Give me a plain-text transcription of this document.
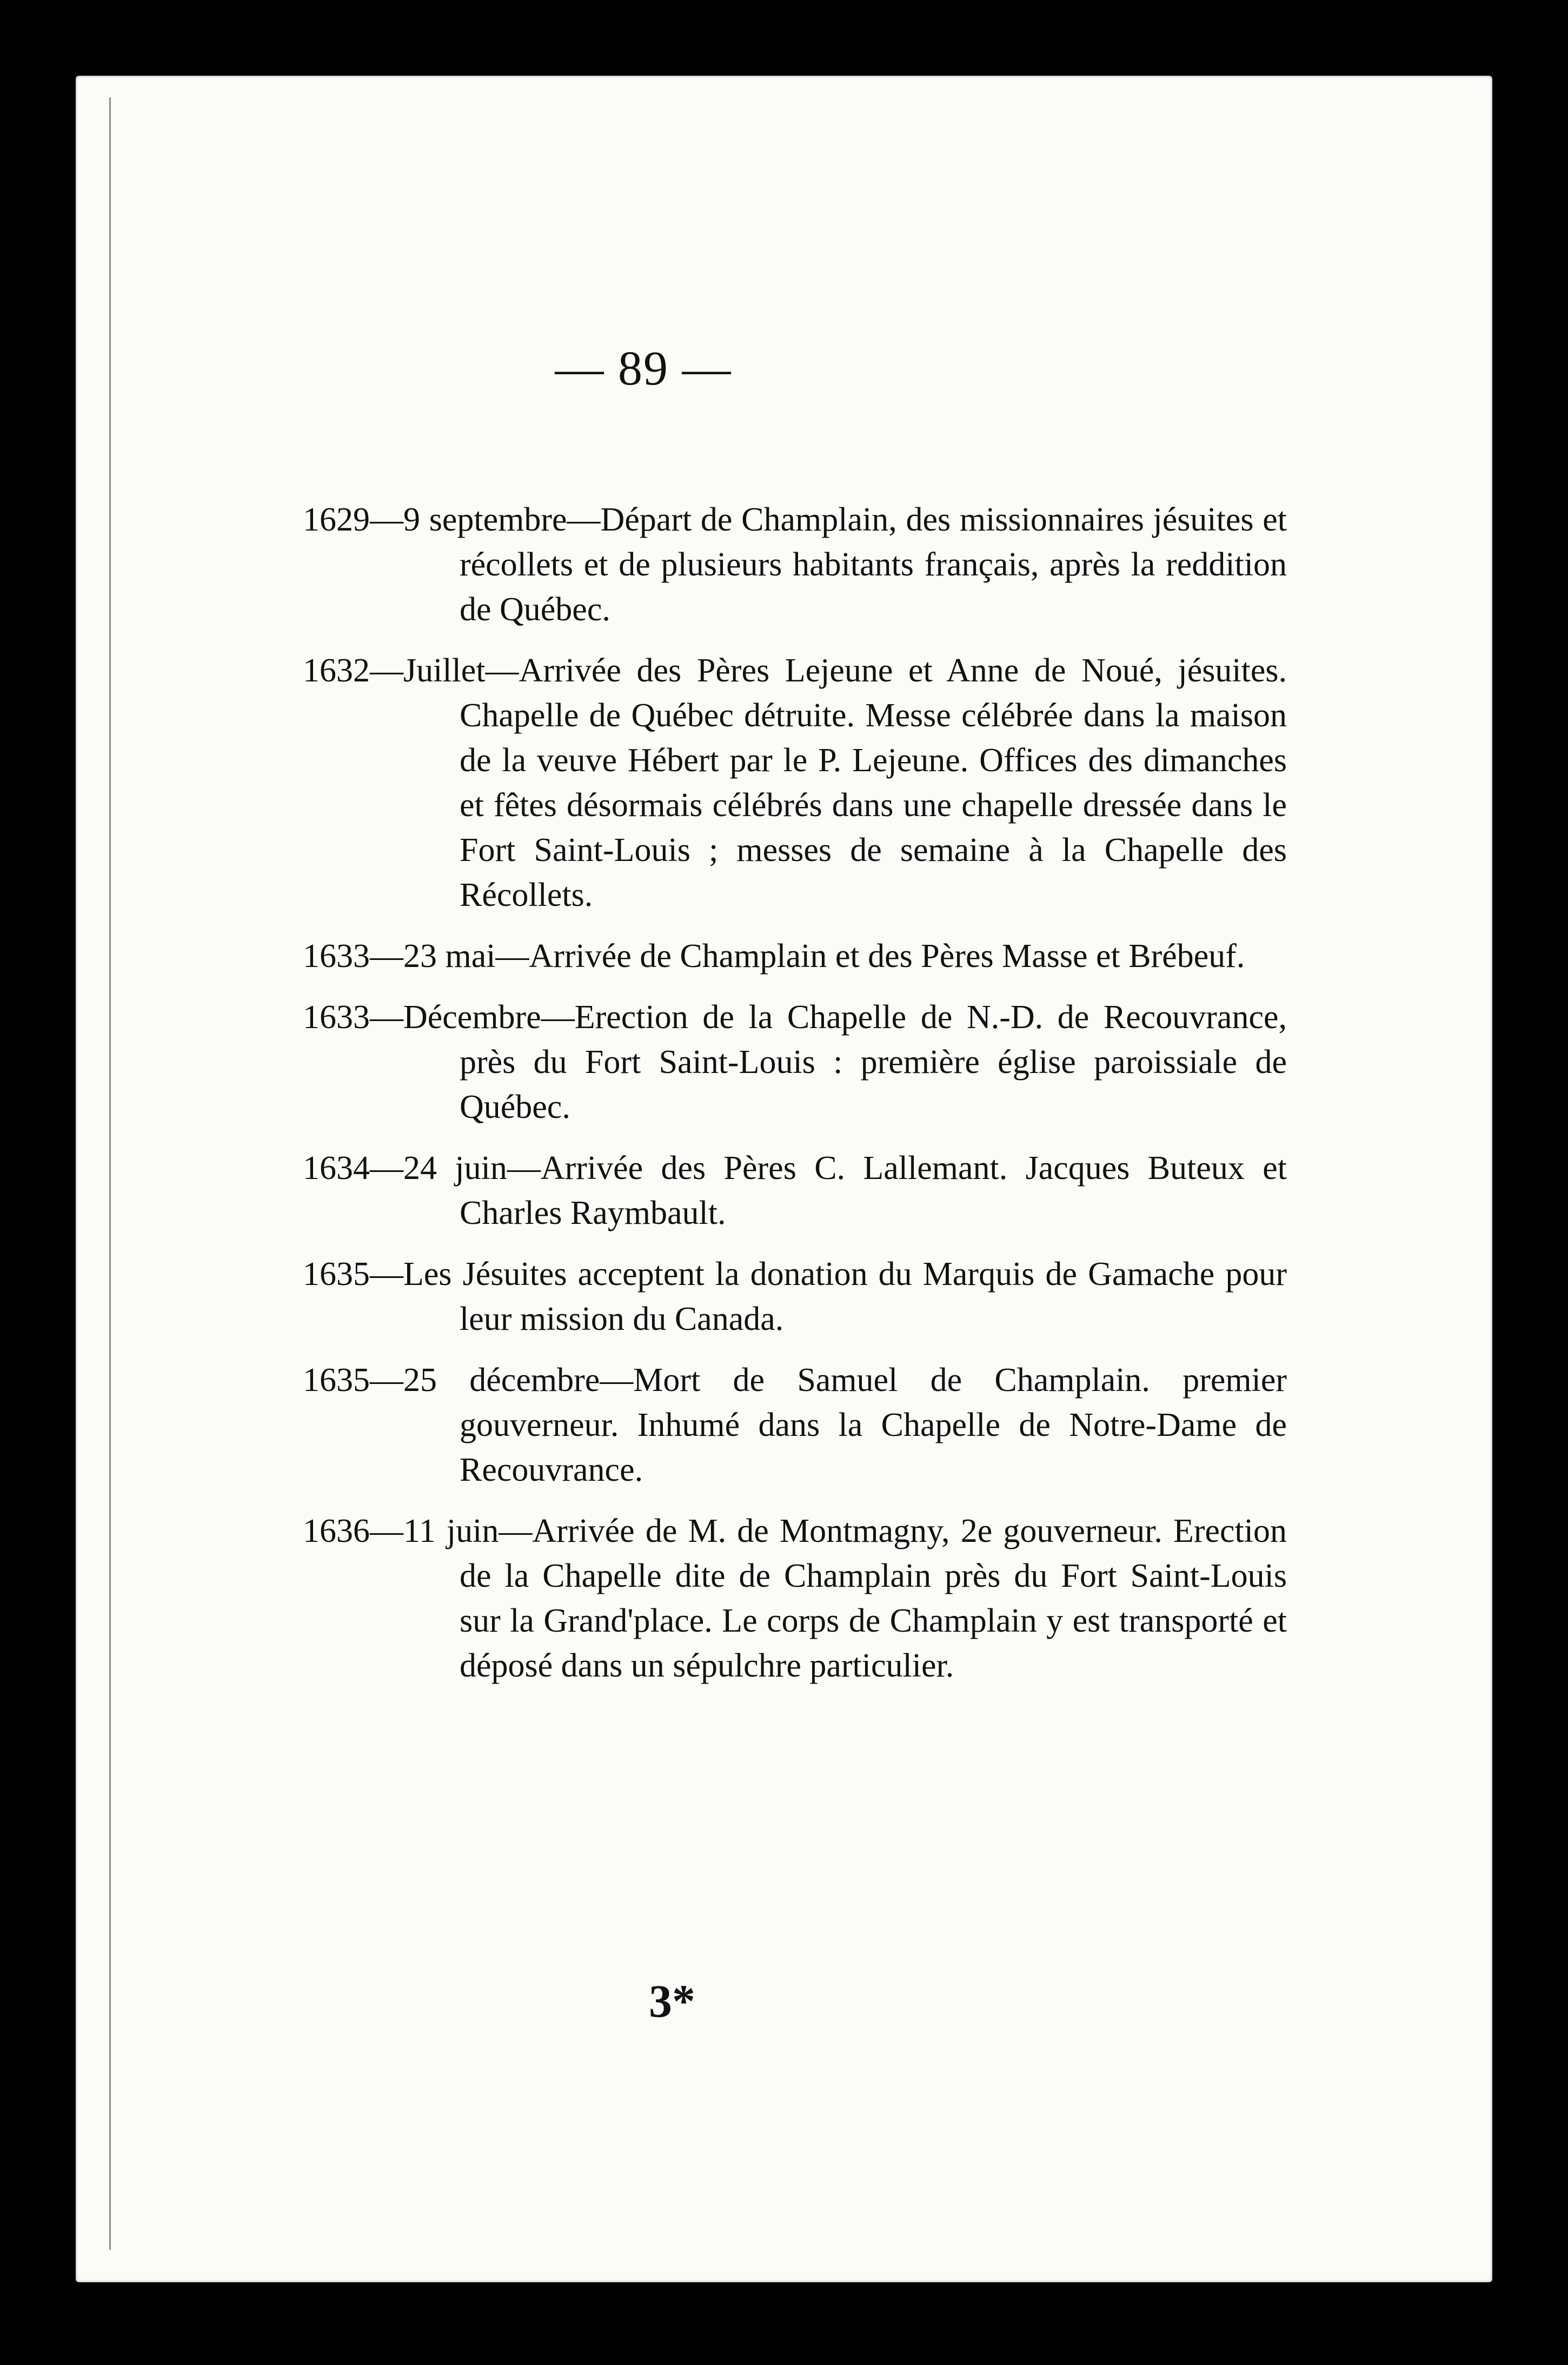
— 89 —
1629—9 septembre—Départ de Champlain, des missionnaires jésuites et récollets et de plusieurs habitants français, après la reddition de Québec.
1632—Juillet—Arrivée des Pères Lejeune et Anne de Noué, jésuites. Chapelle de Québec détruite. Messe célébrée dans la maison de la veuve Hébert par le P. Lejeune. Offices des dimanches et fêtes désormais célébrés dans une chapelle dressée dans le Fort Saint-Louis ; messes de semaine à la Chapelle des Récollets.
1633—23 mai—Arrivée de Champlain et des Pères Masse et Brébeuf.
1633—Décembre—Erection de la Chapelle de N.-D. de Recouvrance, près du Fort Saint-Louis : première église paroissiale de Québec.
1634—24 juin—Arrivée des Pères C. Lallemant. Jacques Buteux et Charles Raymbault.
1635—Les Jésuites acceptent la donation du Marquis de Gamache pour leur mission du Canada.
1635—25 décembre—Mort de Samuel de Champlain. premier gouverneur. Inhumé dans la Chapelle de Notre-Dame de Recouvrance.
1636—11 juin—Arrivée de M. de Montmagny, 2e gouverneur. Erection de la Chapelle dite de Champlain près du Fort Saint-Louis sur la Grand'place. Le corps de Champlain y est transporté et déposé dans un sépulchre particulier.
3*
